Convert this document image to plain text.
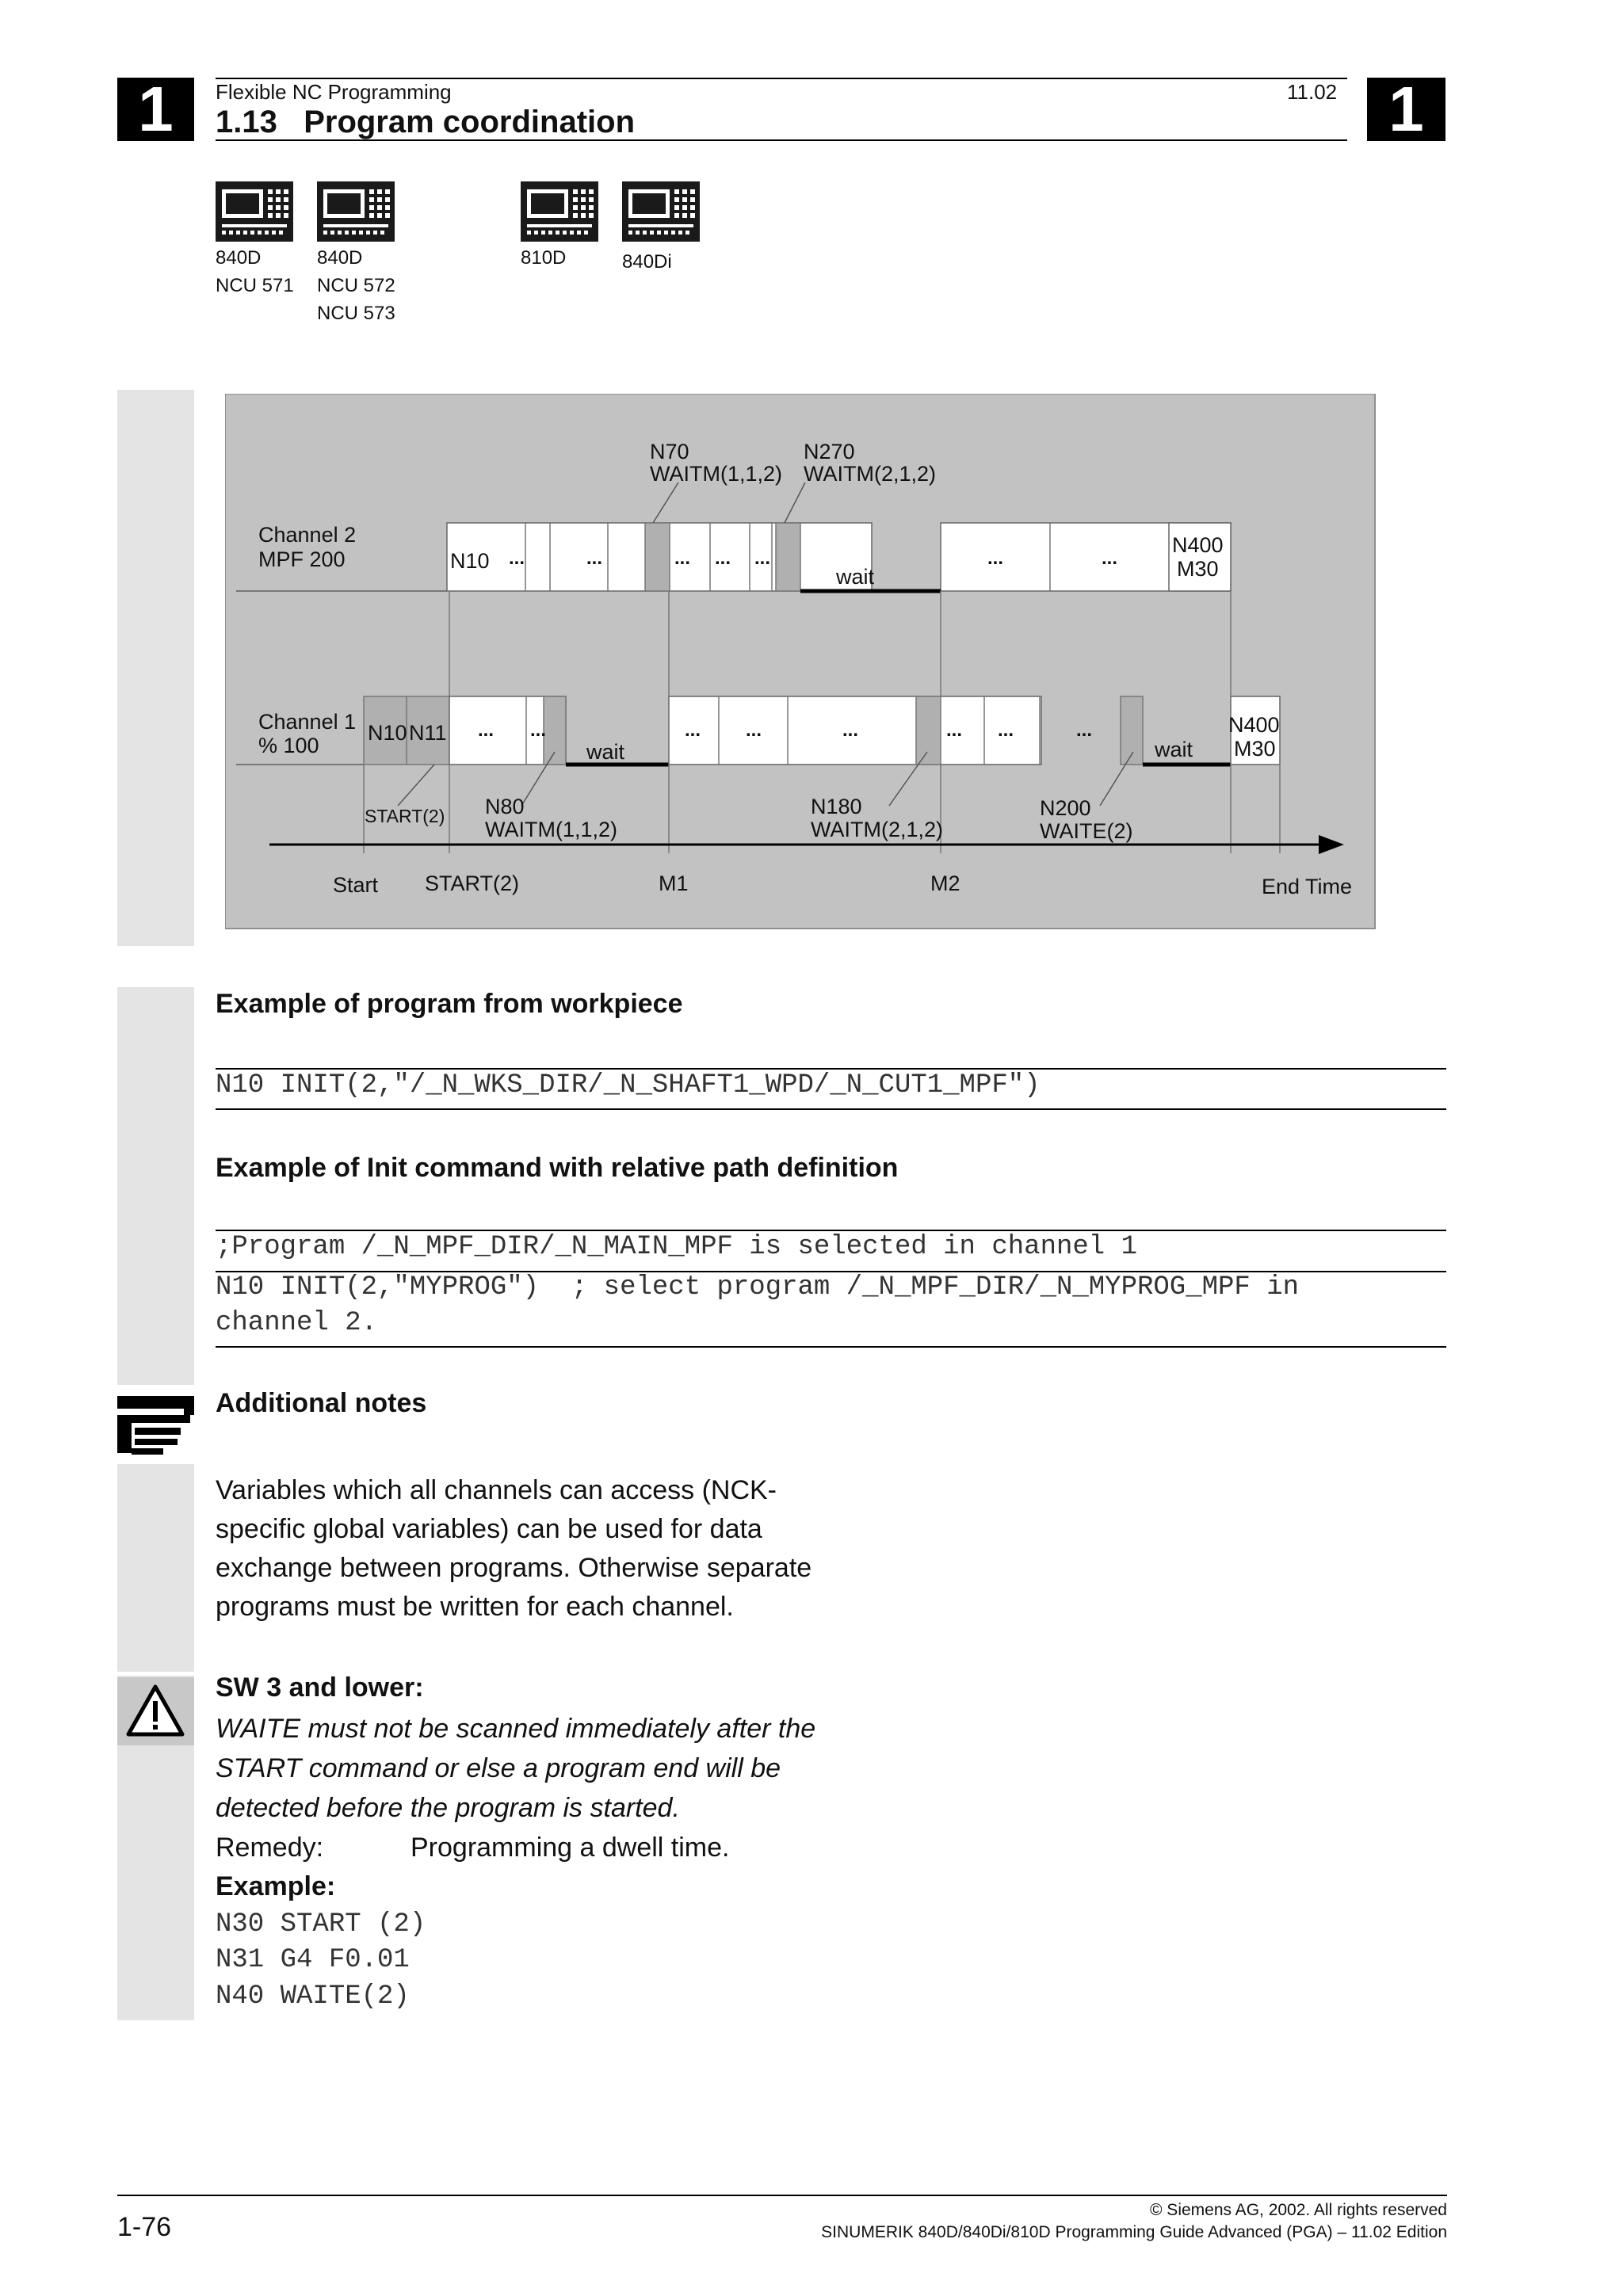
1	1
Flexible NC Programming	11.02
1.13   Program coordination
840D
NCU 571
840D
NCU 572
NCU 573
810D	840Di
N70
WAITM(1,1,2)
N270
WAITM(2,1,2)
Channel 2
MPF 200	N10 ...	...	... ... ...
wait
...	...
N400
M30
Channel 1
% 100
N10 N11 ... ...
wait
... ...	...	... ...	...
wait
N400
M30
START(2) N80
WAITM(1,1,2)
N180
WAITM(2,1,2)
N200
WAITE(2)
Start START(2)	M1	M2	End Time
Example of program from workpiece
N10 INIT(2,"/_N_WKS_DIR/_N_SHAFT1_WPD/_N_CUT1_MPF")
Example of Init command with relative path definition
;Program /_N_MPF_DIR/_N_MAIN_MPF is selected in channel 1
N10 INIT(2,"MYPROG")  ; select program /_N_MPF_DIR/_N_MYPROG_MPF in
channel 2.
Additional notes
Variables which all channels can access (NCK-
specific global variables) can be used for data
exchange between programs. Otherwise separate
programs must be written for each channel.
SW 3 and lower:
WAITE must not be scanned immediately after the
START command or else a program end will be
detected before the program is started.
Remedy:	Programming a dwell time.
Example:
N30 START (2)
N31 G4 F0.01
N40 WAITE(2)
1-76
© Siemens AG, 2002. All rights reserved
SINUMERIK 840D/840Di/810D Programming Guide Advanced (PGA) – 11.02 Edition
